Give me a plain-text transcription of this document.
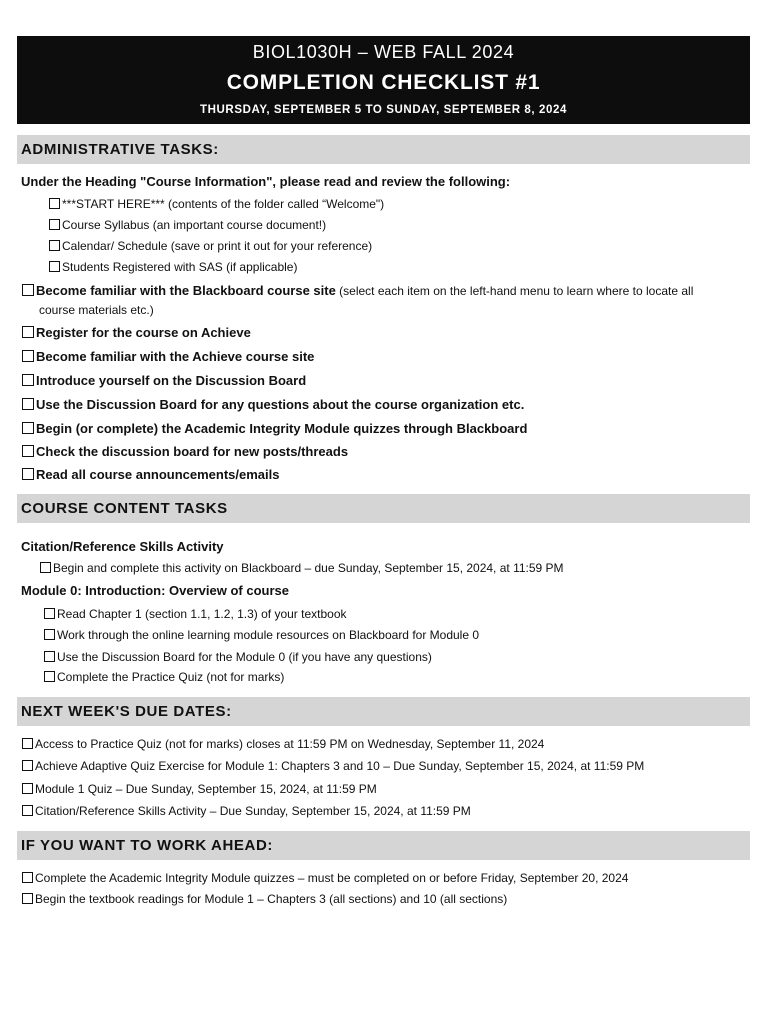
BIOL1030H – WEB FALL 2024
COMPLETION CHECKLIST #1
THURSDAY, SEPTEMBER 5 TO SUNDAY, SEPTEMBER 8, 2024
ADMINISTRATIVE TASKS:
Under the Heading "Course Information", please read and review the following:
***START HERE*** (contents of the folder called “Welcome")
Course Syllabus (an important course document!)
Calendar/ Schedule (save or print it out for your reference)
Students Registered with SAS (if applicable)
Become familiar with the Blackboard course site (select each item on the left-hand menu to learn where to locate all
course materials etc.)
Register for the course on Achieve
Become familiar with the Achieve course site
Introduce yourself on the Discussion Board
Use the Discussion Board for any questions about the course organization etc.
Begin (or complete) the Academic Integrity Module quizzes through Blackboard
Check the discussion board for new posts/threads
Read all course announcements/emails
COURSE CONTENT TASKS
Citation/Reference Skills Activity
Begin and complete this activity on Blackboard – due Sunday, September 15, 2024, at 11:59 PM
Module 0: Introduction: Overview of course
Read Chapter 1 (section 1.1, 1.2, 1.3) of your textbook
Work through the online learning module resources on Blackboard for Module 0
Use the Discussion Board for the Module 0 (if you have any questions)
Complete the Practice Quiz (not for marks)
NEXT WEEK'S DUE DATES:
Access to Practice Quiz (not for marks) closes at 11:59 PM on Wednesday, September 11, 2024
Achieve Adaptive Quiz Exercise for Module 1: Chapters 3 and 10 – Due Sunday, September 15, 2024, at 11:59 PM
Module 1 Quiz – Due Sunday, September 15, 2024, at 11:59 PM
Citation/Reference Skills Activity – Due Sunday, September 15, 2024, at 11:59 PM
IF YOU WANT TO WORK AHEAD:
Complete the Academic Integrity Module quizzes – must be completed on or before Friday, September 20, 2024
Begin the textbook readings for Module 1 – Chapters 3 (all sections) and 10 (all sections)
